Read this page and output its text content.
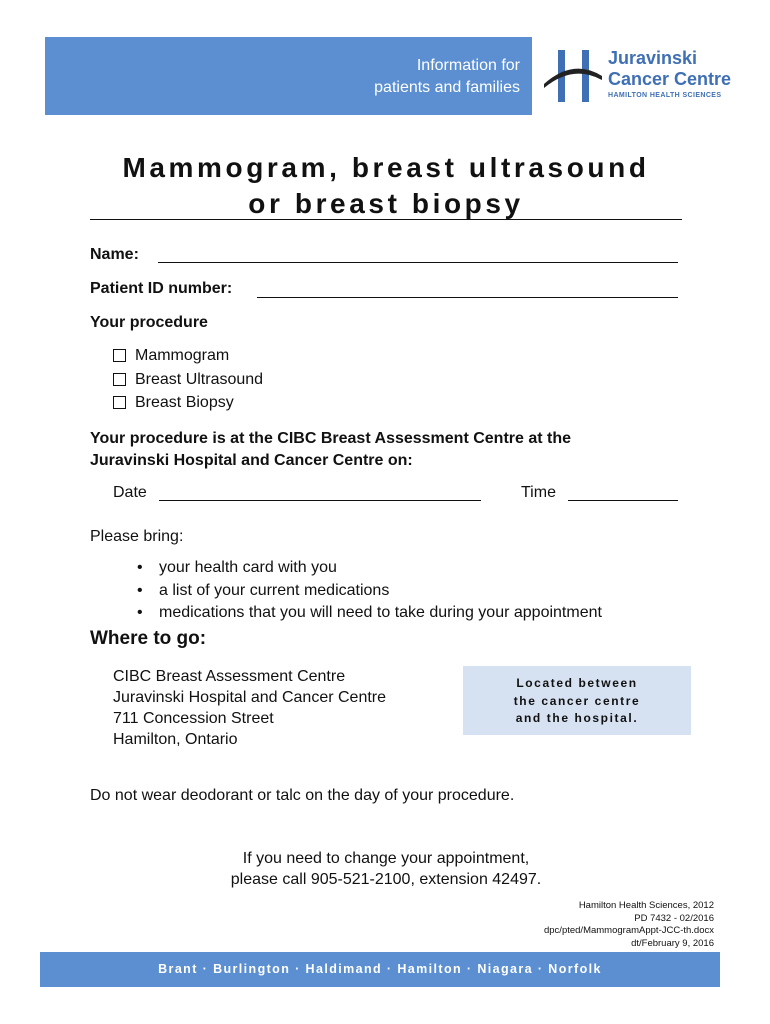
Information for
patients and families
Juravinski
Cancer Centre
HAMILTON HEALTH SCIENCES
Mammogram, breast ultrasound
or breast biopsy
Name:
Patient ID number:
Your procedure
Mammogram
Breast Ultrasound
Breast Biopsy
Your procedure is at the CIBC Breast Assessment Centre at the
Juravinski Hospital and Cancer Centre on:
Date	Time
Please bring:
• your health card with you
• a list of your current medications
• medications that you will need to take during your appointment
Where to go:
CIBC Breast Assessment Centre
Juravinski Hospital and Cancer Centre
711 Concession Street
Hamilton, Ontario
Located between
the cancer centre
and the hospital.
Do not wear deodorant or talc on the day of your procedure.
If you need to change your appointment,
please call 905-521-2100, extension 42497.
Hamilton Health Sciences, 2012
PD 7432 - 02/2016
dpc/pted/MammogramAppt-JCC-th.docx
dt/February 9, 2016
Brant · Burlington · Haldimand · Hamilton · Niagara · Norfolk
